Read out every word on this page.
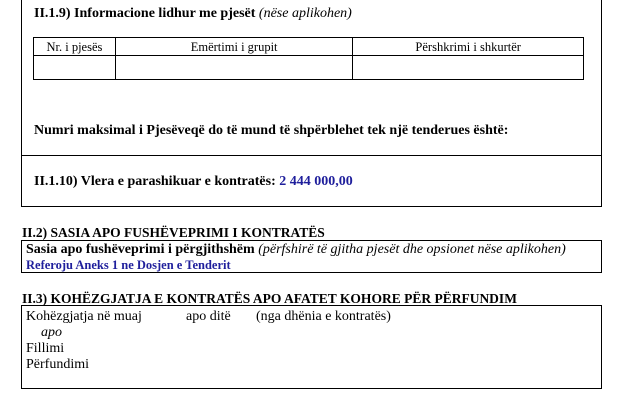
II.1.9) Informacione lidhur me pjesët (nëse aplikohen)
Nr. i pjesës	Emërtimi i grupit	Përshkrimi i shkurtër

Numri maksimal i Pjesëveqë do të mund të shpërblehet tek një tenderues është:
II.1.10) Vlera e parashikuar e kontratës: 2 444 000,00
II.2) SASIA APO FUSHËVEPRIMI I KONTRATËS
Sasia apo fushëveprimi i përgjithshëm (përfshirë të gjitha pjesët dhe opsionet nëse aplikohen)
Referoju Aneks 1 ne Dosjen e Tenderit
II.3) KOHËZGJATJA E KONTRATËS APO AFATET KOHORE PËR PËRFUNDIM
Kohëzgjatja në muaj	apo ditë (nga dhënia e kontratës)
apo
Fillimi
Përfundimi
